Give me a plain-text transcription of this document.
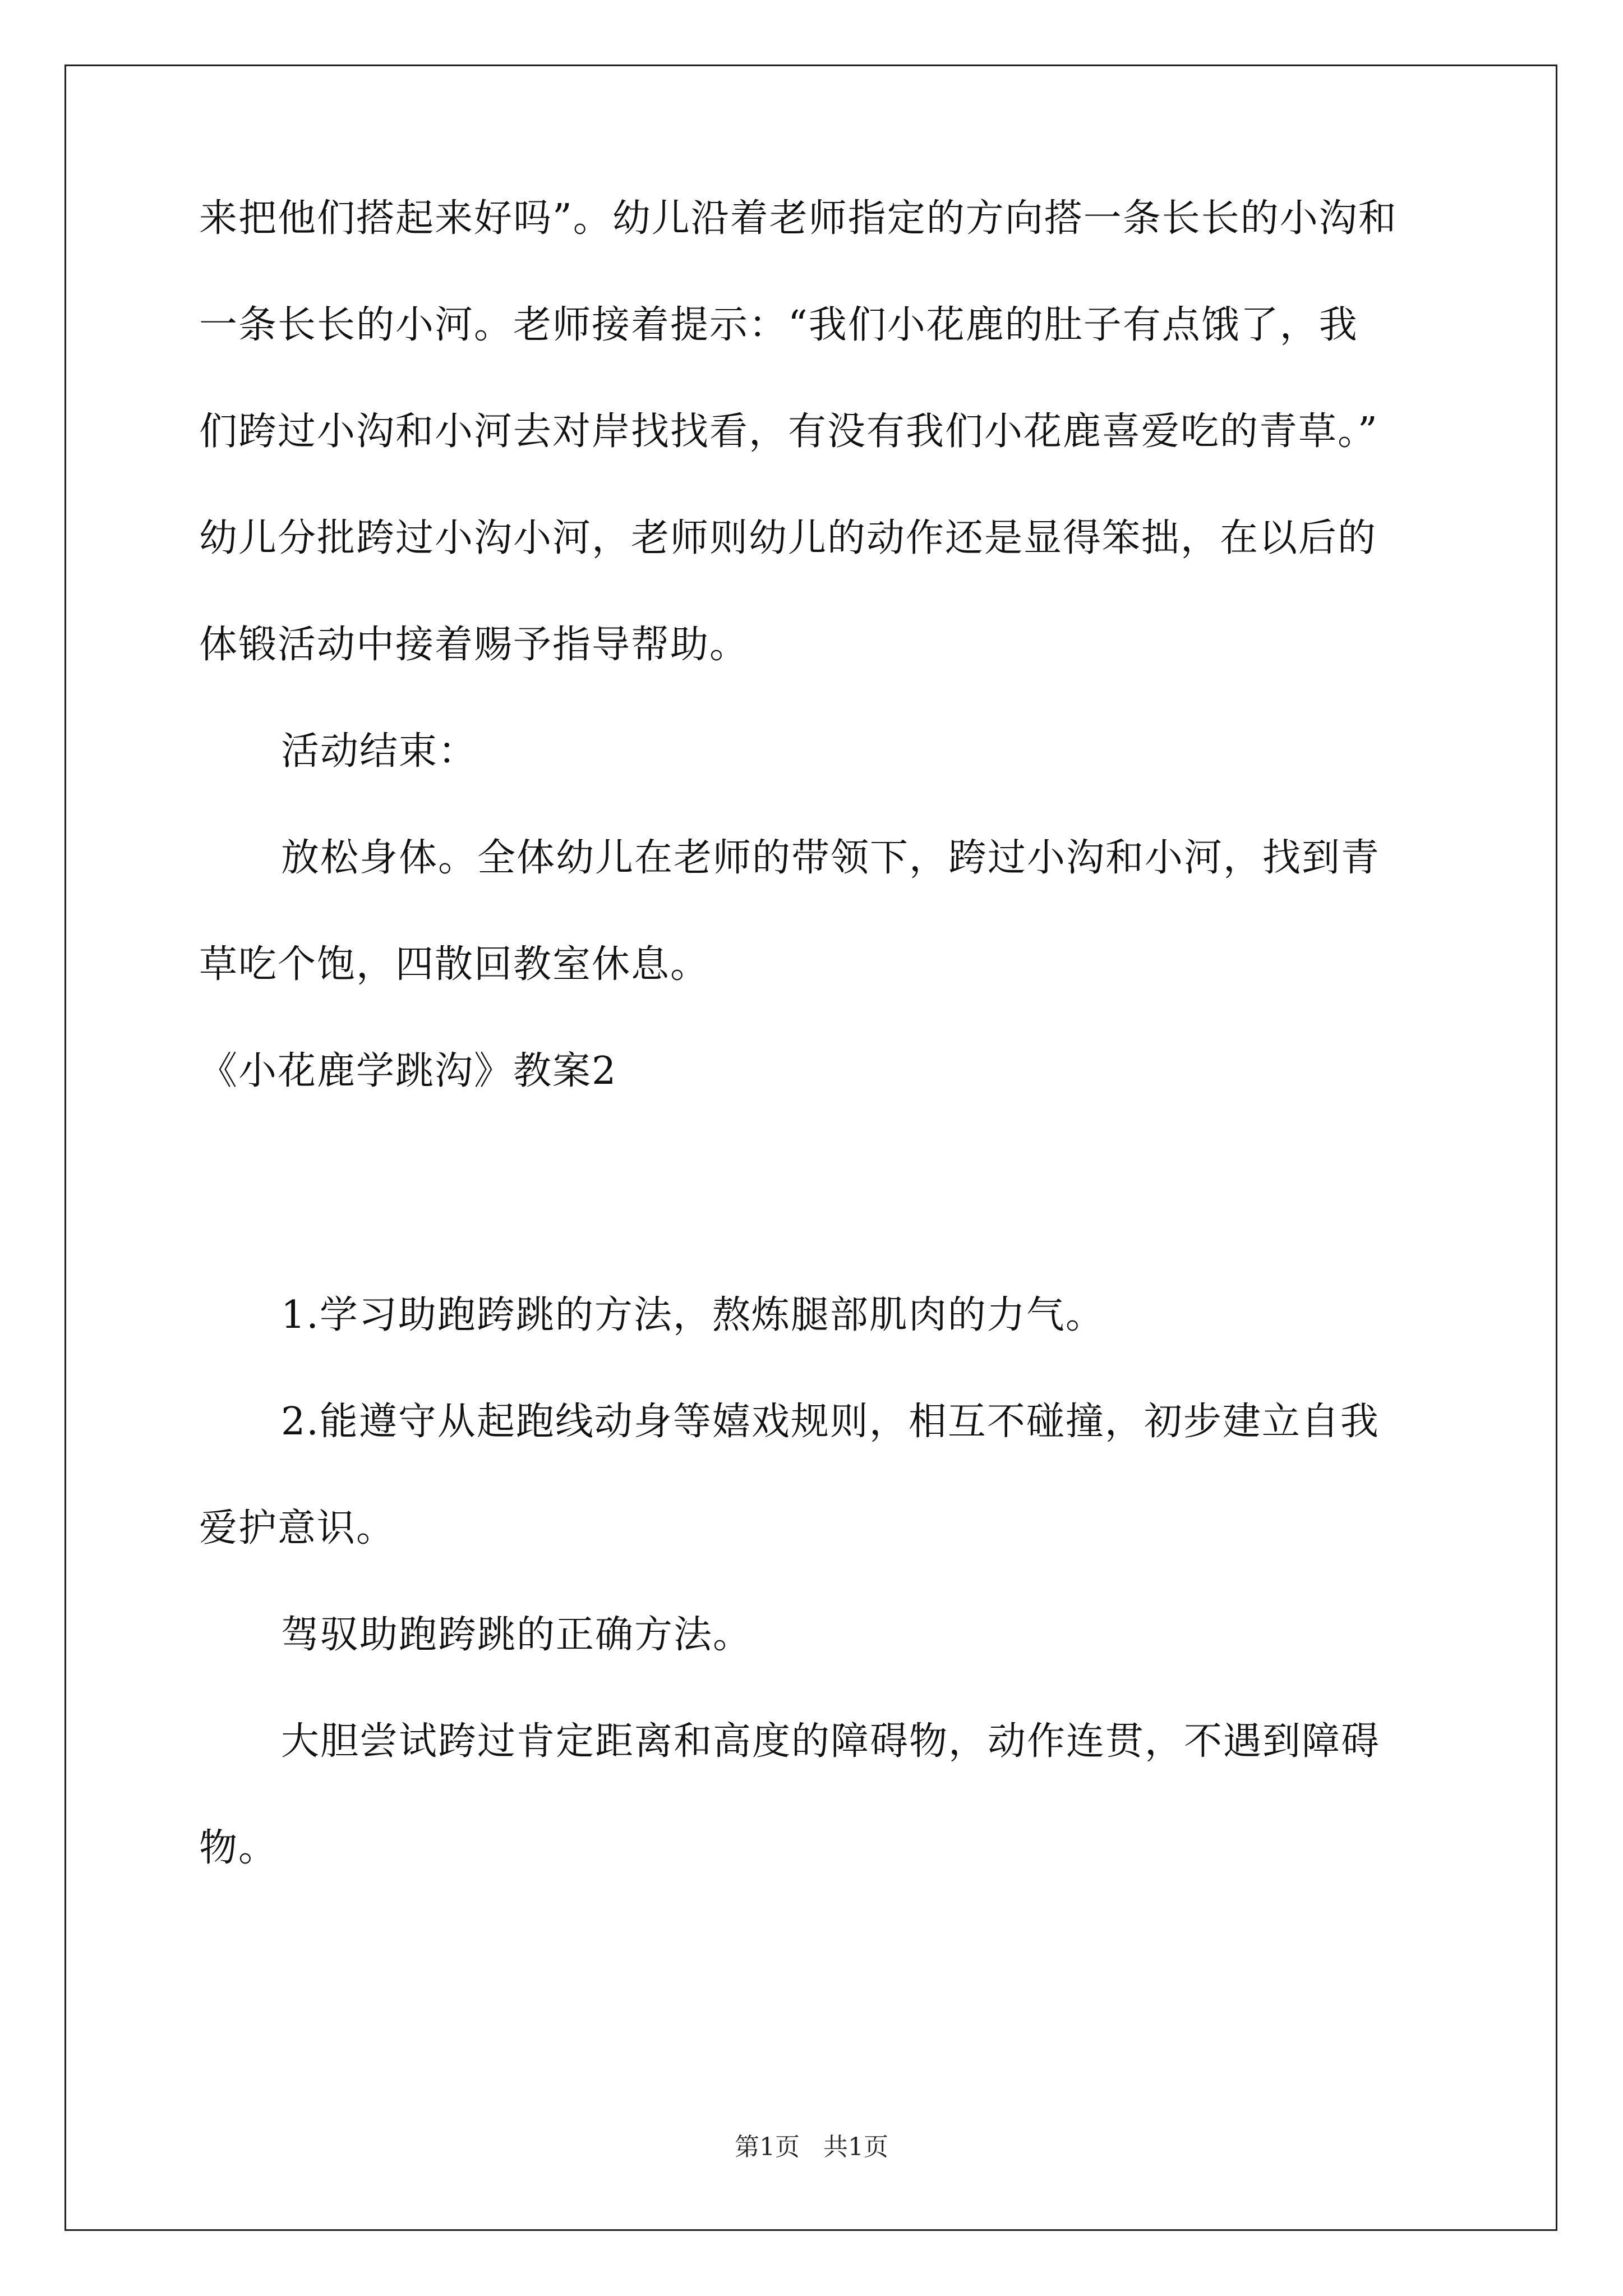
来把他们搭起来好吗”。幼儿沿着老师指定的方向搭一条长长的小沟和
一条长长的小河。老师接着提示：“我们小花鹿的肚子有点饿了，我
们跨过小沟和小河去对岸找找看，有没有我们小花鹿喜爱吃的青草。”
幼儿分批跨过小沟小河，老师则幼儿的动作还是显得笨拙，在以后的
体锻活动中接着赐予指导帮助。
活动结束：
放松身体。全体幼儿在老师的带领下，跨过小沟和小河，找到青
草吃个饱，四散回教室休息。
《小花鹿学跳沟》教案2
1.学习助跑跨跳的方法，熬炼腿部肌肉的力气。
2.能遵守从起跑线动身等嬉戏规则，相互不碰撞，初步建立自我
爱护意识。
驾驭助跑跨跳的正确方法。
大胆尝试跨过肯定距离和高度的障碍物，动作连贯，不遇到障碍
物。
第1页   共1页
